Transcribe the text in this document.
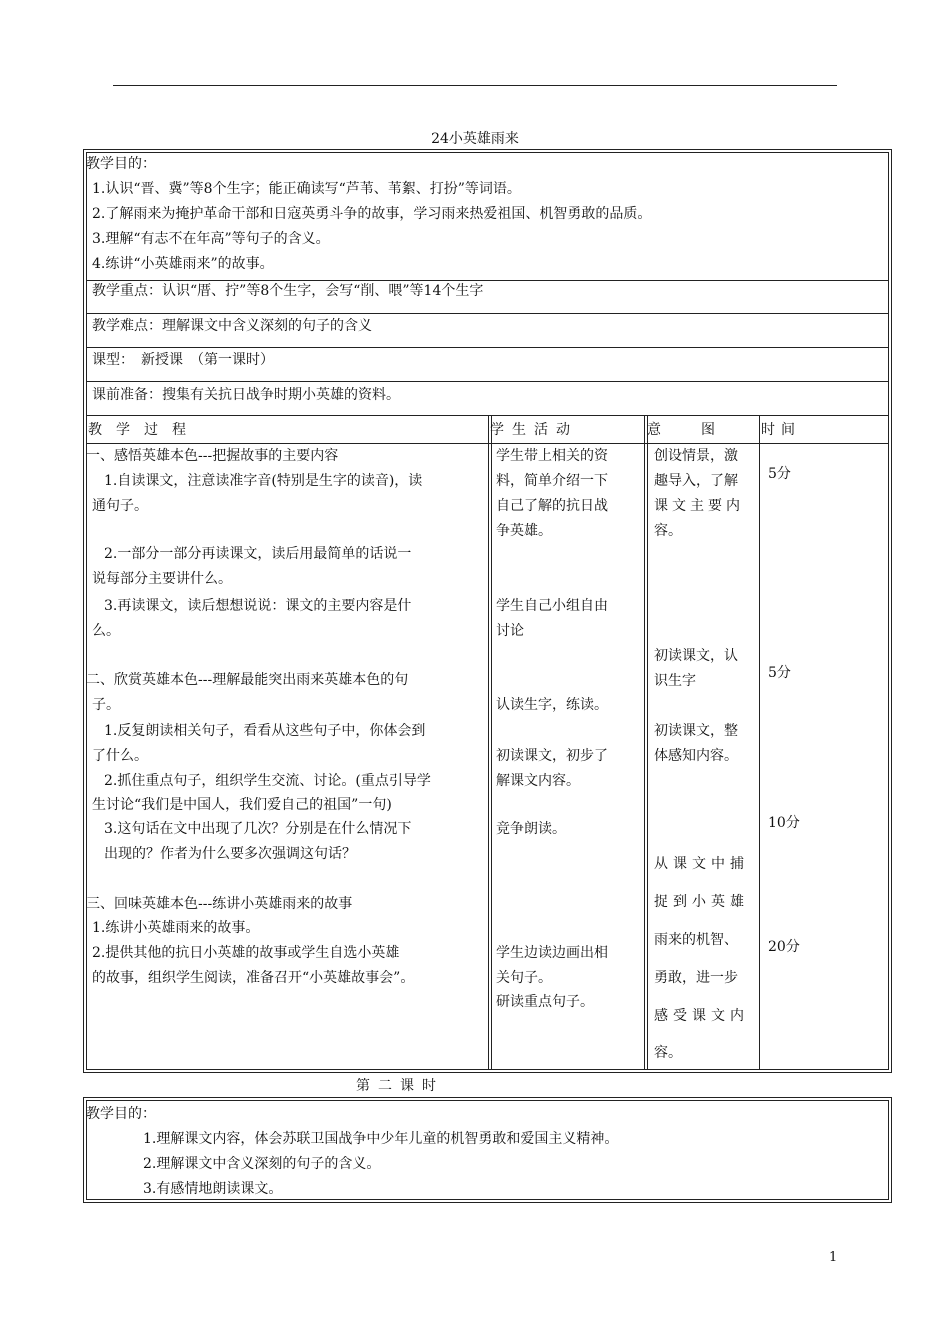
24小英雄雨来
教学目的：
1.认识“晋、冀”等8个生字；能正确读写“芦苇、苇絮、打扮”等词语。
2.了解雨来为掩护革命干部和日寇英勇斗争的故事，学习雨来热爱祖国、机智勇敢的品质。
3.理解“有志不在年高”等句子的含义。
4.练讲“小英雄雨来”的故事。
教学重点：认识“厝、拧”等8个生字，会写“削、喂”等14个生字
教学难点：理解课文中含义深刻的句子的含义
课型：　新授课　（第一课时）
课前准备：搜集有关抗日战争时期小英雄的资料。
教学过程	学生活动	意图 时间
一、感悟英雄本色---把握故事的主要内容
1.自读课文，注意读准字音(特别是生字的读音)，读
通句子。
2.一部分一部分再读课文，读后用最简单的话说一
说每部分主要讲什么。
3.再读课文，读后想想说说：课文的主要内容是什
么。
二、欣赏英雄本色---理解最能突出雨来英雄本色的句
子。
1.反复朗读相关句子，看看从这些句子中，你体会到
了什么。
2.抓住重点句子，组织学生交流、讨论。(重点引导学
生讨论“我们是中国人，我们爱自己的祖国”一句)
3.这句话在文中出现了几次？分别是在什么情况下
出现的？作者为什么要多次强调这句话？
三、回味英雄本色---练讲小英雄雨来的故事
1.练讲小英雄雨来的故事。
2.提供其他的抗日小英雄的故事或学生自选小英雄
的故事，组织学生阅读，准备召开“小英雄故事会”。
学生带上相关的资
料，简单介绍一下
自己了解的抗日战
争英雄。
学生自己小组自由
讨论
认读生字，练读。
初读课文，初步了
解课文内容。
竞争朗读。
学生边读边画出相
关句子。
研读重点句子。
创设情景，激
趣导入，了解
课文主要内
容。
初读课文，认
识生字
初读课文，整
体感知内容。
从课文中捕
捉到小英雄
雨来的机智、
勇敢，进一步
感受课文内
容。
5分
5分
10分
20分
第二课时
教学目的：
1.理解课文内容，体会苏联卫国战争中少年儿童的机智勇敢和爱国主义精神。
2.理解课文中含义深刻的句子的含义。
3.有感情地朗读课文。
1
